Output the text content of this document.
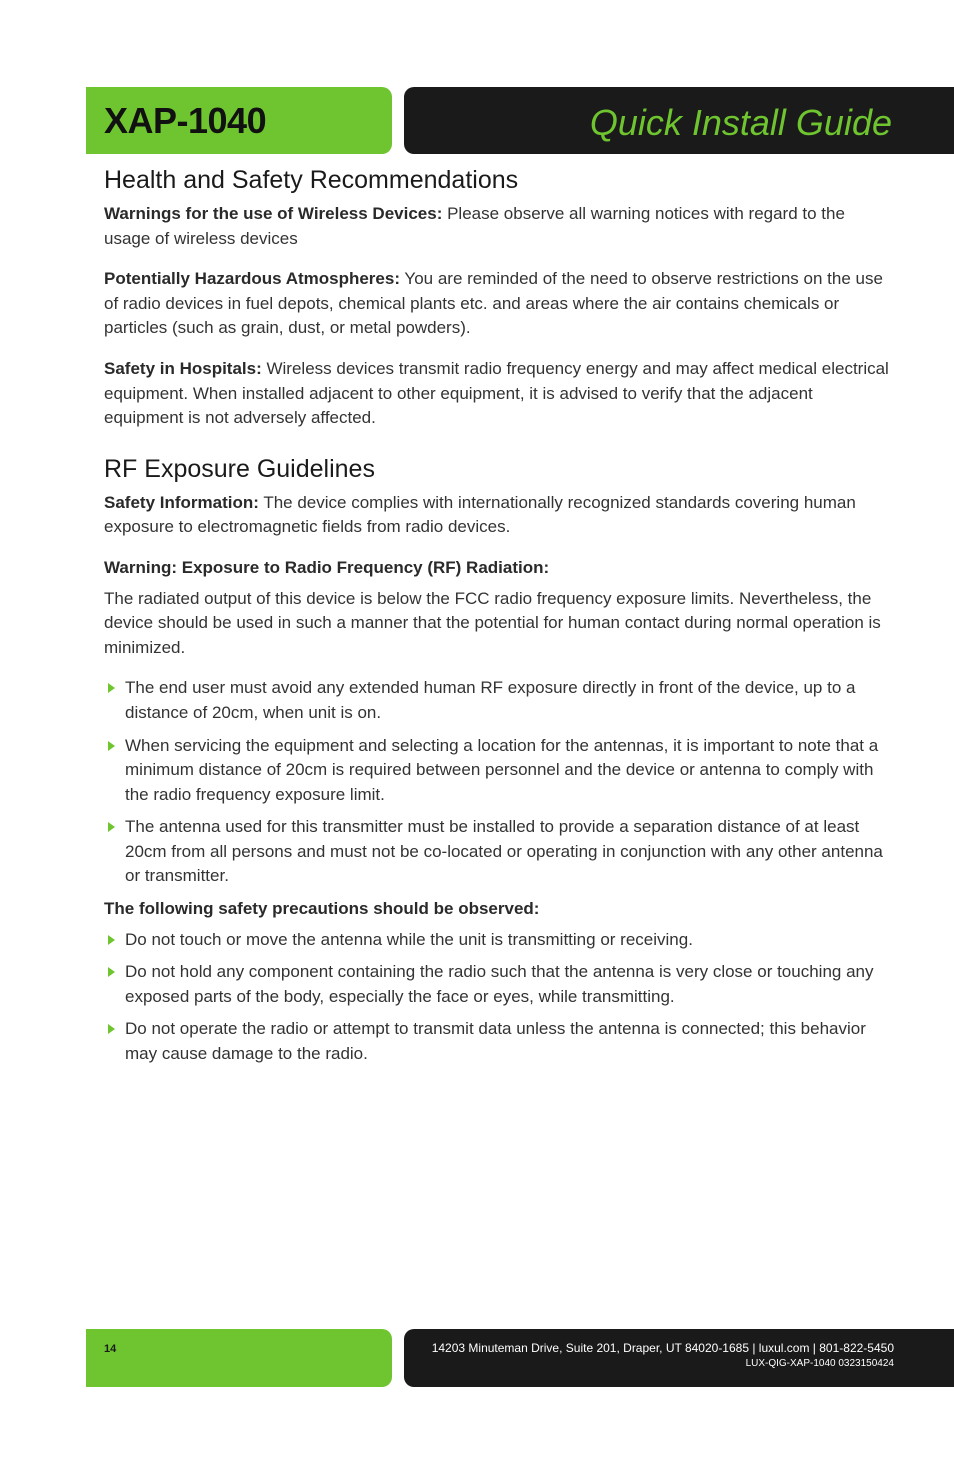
XAP-1040	Quick Install Guide
Health and Safety Recommendations

Warnings for the use of Wireless Devices: Please observe all warning notices with regard to the usage of wireless devices

Potentially Hazardous Atmospheres: You are reminded of the need to observe restrictions on the use of radio devices in fuel depots, chemical plants etc. and areas where the air contains chemicals or particles (such as grain, dust, or metal powders).

Safety in Hospitals: Wireless devices transmit radio frequency energy and may affect medical electrical equipment. When installed adjacent to other equipment, it is advised to verify that the adjacent equipment is not adversely affected.

RF Exposure Guidelines

Safety Information: The device complies with internationally recognized standards covering human exposure to electromagnetic fields from radio devices.

Warning: Exposure to Radio Frequency (RF) Radiation:

The radiated output of this device is below the FCC radio frequency exposure limits. Nevertheless, the device should be used in such a manner that the potential for human contact during normal operation is minimized.

The end user must avoid any extended human RF exposure directly in front of the device, up to a distance of 20cm, when unit is on.
When servicing the equipment and selecting a location for the antennas, it is important to note that a minimum distance of 20cm is required between personnel and the device or antenna to comply with the radio frequency exposure limit.
The antenna used for this transmitter must be installed to provide a separation distance of at least 20cm from all persons and must not be co-located or operating in conjunction with any other antenna or transmitter.

The following safety precautions should be observed:

Do not touch or move the antenna while the unit is transmitting or receiving.
Do not hold any component containing the radio such that the antenna is very close or touching any exposed parts of the body, especially the face or eyes, while transmitting.
Do not operate the radio or attempt to transmit data unless the antenna is connected; this behavior may cause damage to the radio.
14	14203 Minuteman Drive, Suite 201, Draper, UT 84020-1685 | luxul.com | 801-822-5450
LUX-QIG-XAP-1040 0323150424
